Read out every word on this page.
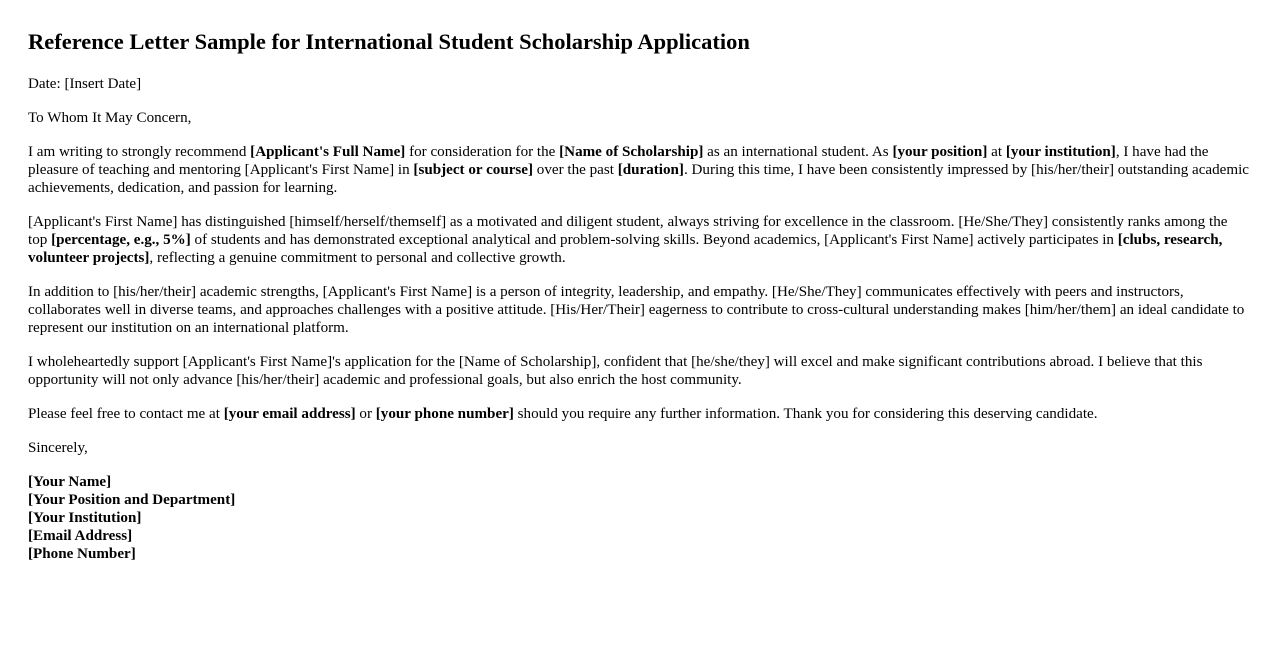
Reference Letter Sample for International Student Scholarship Application

Date: [Insert Date]

To Whom It May Concern,

I am writing to strongly recommend [Applicant's Full Name] for consideration for the [Name of Scholarship] as an international student. As [your position] at [your institution], I have had the pleasure of teaching and mentoring [Applicant's First Name] in [subject or course] over the past [duration]. During this time, I have been consistently impressed by [his/her/their] outstanding academic achievements, dedication, and passion for learning.

[Applicant's First Name] has distinguished [himself/herself/themself] as a motivated and diligent student, always striving for excellence in the classroom. [He/She/They] consistently ranks among the top [percentage, e.g., 5%] of students and has demonstrated exceptional analytical and problem-solving skills. Beyond academics, [Applicant's First Name] actively participates in [clubs, research, volunteer projects], reflecting a genuine commitment to personal and collective growth.

In addition to [his/her/their] academic strengths, [Applicant's First Name] is a person of integrity, leadership, and empathy. [He/She/They] communicates effectively with peers and instructors, collaborates well in diverse teams, and approaches challenges with a positive attitude. [His/Her/Their] eagerness to contribute to cross-cultural understanding makes [him/her/them] an ideal candidate to represent our institution on an international platform.

I wholeheartedly support [Applicant's First Name]'s application for the [Name of Scholarship], confident that [he/she/they] will excel and make significant contributions abroad. I believe that this opportunity will not only advance [his/her/their] academic and professional goals, but also enrich the host community.

Please feel free to contact me at [your email address] or [your phone number] should you require any further information. Thank you for considering this deserving candidate.

Sincerely,

[Your Name]
[Your Position and Department]
[Your Institution]
[Email Address]
[Phone Number]
